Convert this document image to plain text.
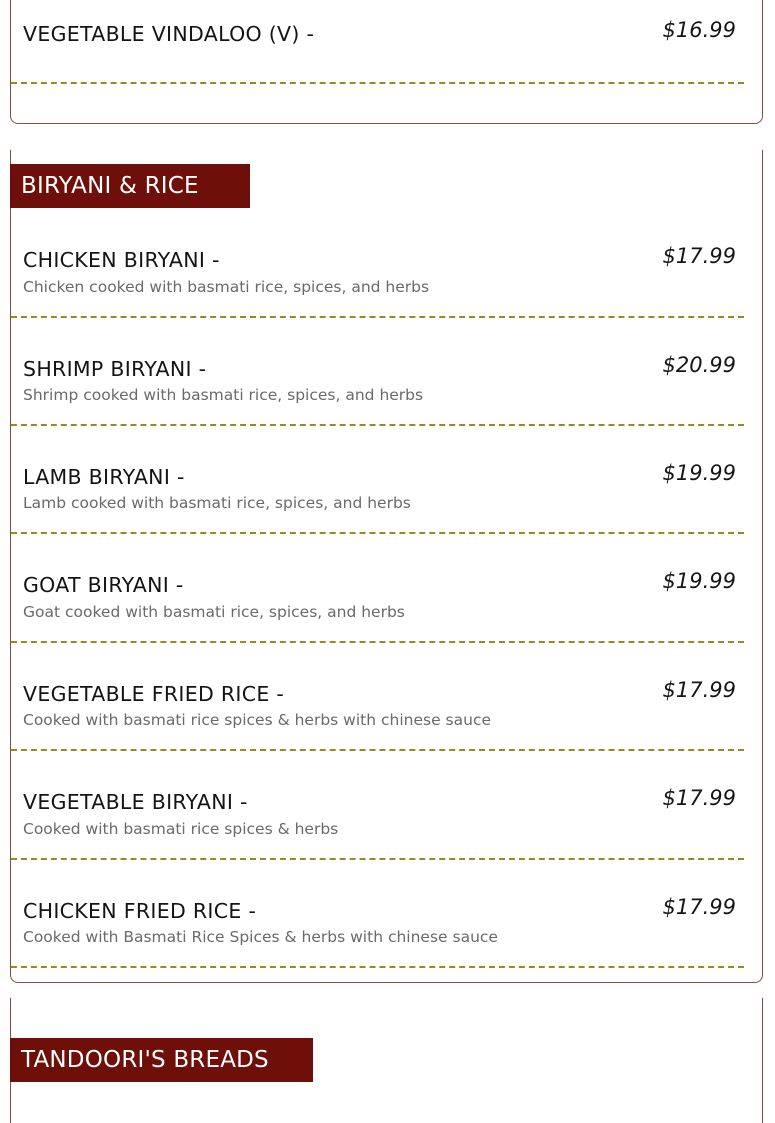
VEGETABLE VINDALOO (V) -	$16.99
BIRYANI & RICE
CHICKEN BIRYANI -
Chicken cooked with basmati rice, spices, and herbs
$17.99
SHRIMP BIRYANI -
Shrimp cooked with basmati rice, spices, and herbs
$20.99
LAMB BIRYANI -
Lamb cooked with basmati rice, spices, and herbs
$19.99
GOAT BIRYANI -
Goat cooked with basmati rice, spices, and herbs
$19.99
VEGETABLE FRIED RICE -
Cooked with basmati rice spices & herbs with chinese sauce
$17.99
VEGETABLE BIRYANI -
Cooked with basmati rice spices & herbs
$17.99
CHICKEN FRIED RICE -
Cooked with Basmati Rice Spices & herbs with chinese sauce
$17.99
TANDOORI'S BREADS
